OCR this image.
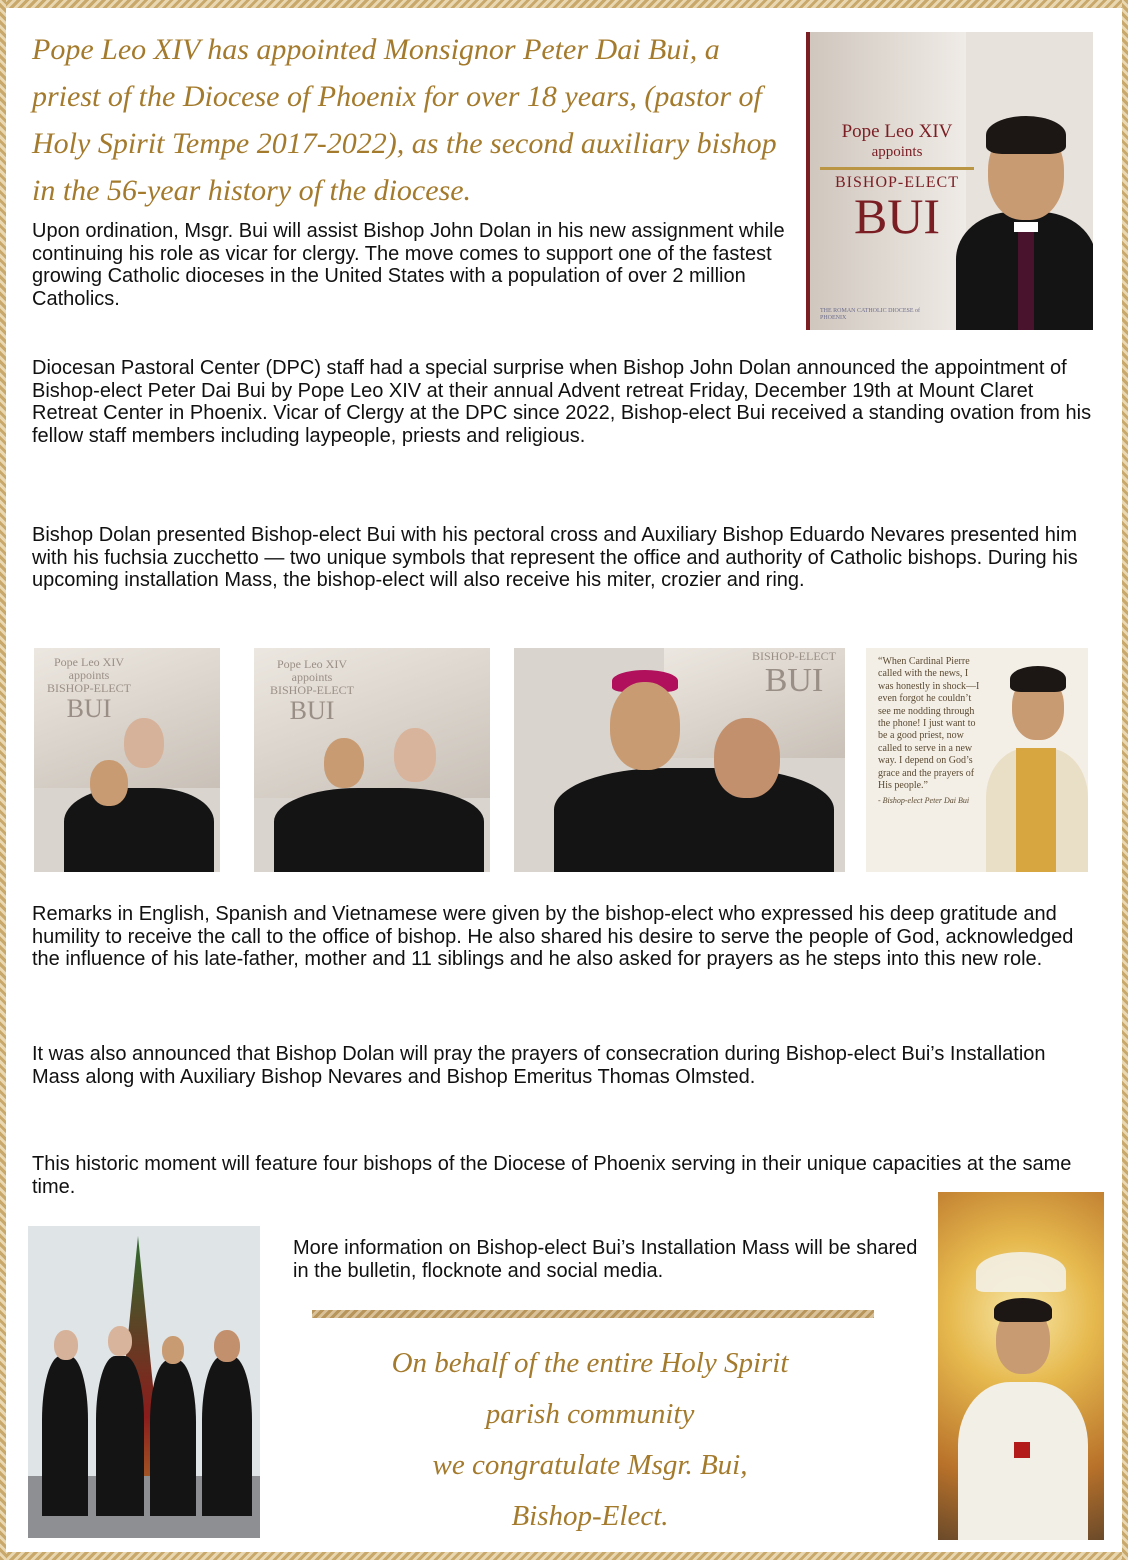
Pope Leo XIV has appointed Monsignor Peter Dai Bui, a priest of the Diocese of Phoenix for over 18 years, (pastor of Holy Spirit Tempe 2017-2022), as the second auxiliary bishop in the 56-year history of the diocese.

Upon ordination, Msgr. Bui will assist Bishop John Dolan in his new assignment while continuing his role as vicar for clergy. The move comes to support one of the fastest growing Catholic dioceses in the United States with a population of over 2 million Catholics.

Pope Leo XIV
appoints
BISHOP-ELECT
BUI
THE ROMAN CATHOLIC DIOCESE of PHOENIX

Diocesan Pastoral Center (DPC) staff had a special surprise when Bishop John Dolan announced the appointment of Bishop-elect Peter Dai Bui by Pope Leo XIV at their annual Advent retreat Friday, December 19th at Mount Claret Retreat Center in Phoenix. Vicar of Clergy at the DPC since 2022, Bishop-elect Bui received a standing ovation from his fellow staff members including laypeople, priests and religious.

Bishop Dolan presented Bishop-elect Bui with his pectoral cross and Auxiliary Bishop Eduardo Nevares presented him with his fuchsia zucchetto — two unique symbols that represent the office and authority of Catholic bishops. During his upcoming installation Mass, the bishop-elect will also receive his miter, crozier and ring.

Pope Leo XIV
appoints
BISHOP-ELECT
BUI
Pope Leo XIV
appoints
BISHOP-ELECT
BUI
BISHOP-ELECT
BUI

“When Cardinal Pierre called with the news, I was honestly in shock—I even forgot he couldn’t see me nodding through the phone! I just want to be a good priest, now called to serve in a new way. I depend on God’s grace and the prayers of His people.”

- Bishop-elect Peter Dai Bui

Remarks in English, Spanish and Vietnamese were given by the bishop-elect who expressed his deep gratitude and humility to receive the call to the office of bishop. He also shared his desire to serve the people of God, acknowledged the influence of his late-father, mother and 11 siblings and he also asked for prayers as he steps into this new role.

It was also announced that Bishop Dolan will pray the prayers of consecration during Bishop-elect Bui’s Installation Mass along with Auxiliary Bishop Nevares and Bishop Emeritus Thomas Olmsted.

This historic moment will feature four bishops of the Diocese of Phoenix serving in their unique capacities at the same time.

More information on Bishop-elect Bui’s Installation Mass will be shared in the bulletin, flocknote and social media.

On behalf of the entire Holy Spirit
parish community
we congratulate Msgr. Bui,
Bishop-Elect.
